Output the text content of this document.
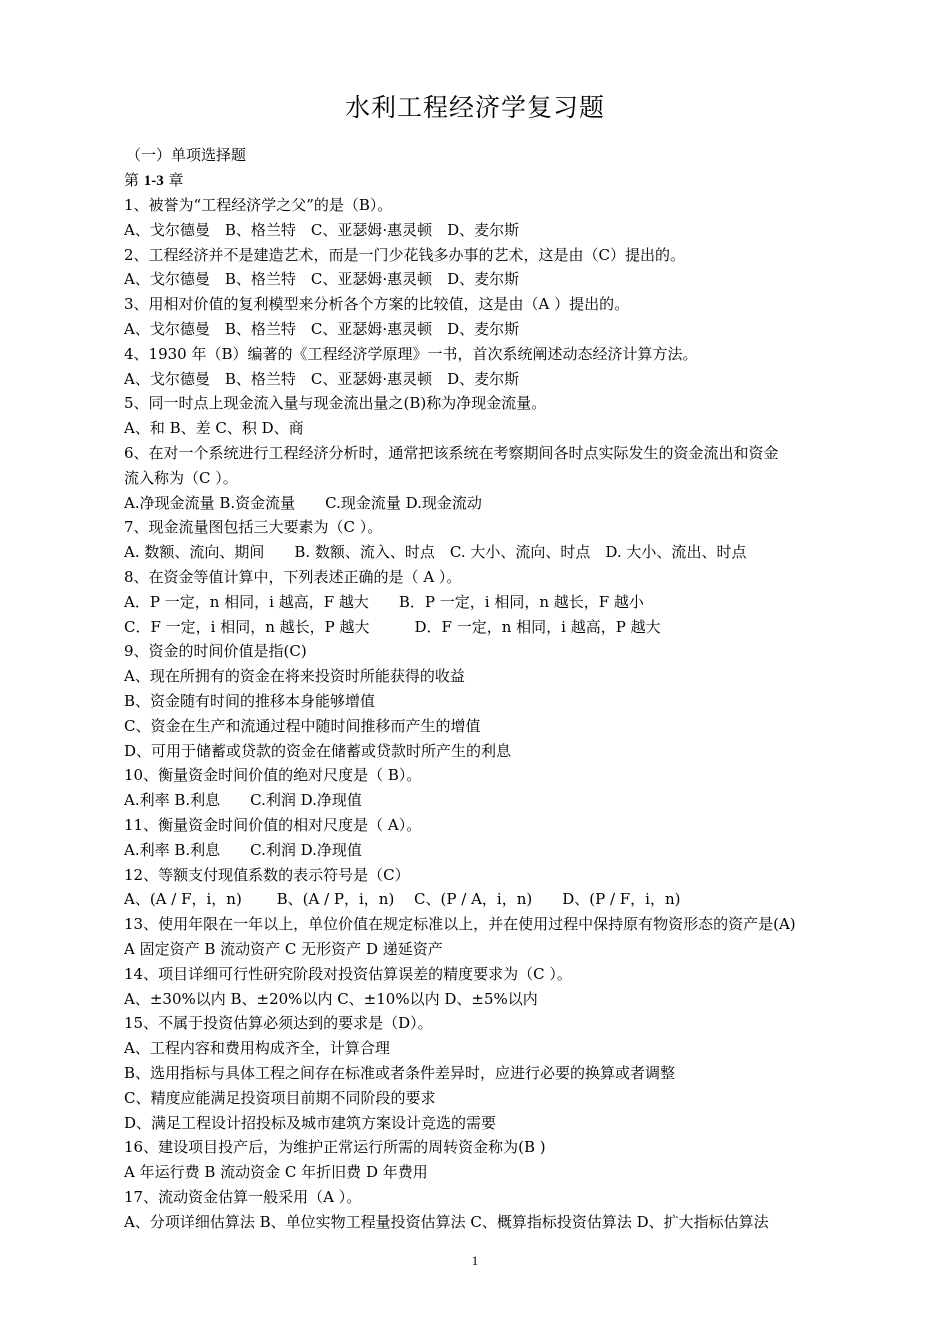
水利工程经济学复习题
（一）单项选择题
第 1-3 章
1、被誉为“工程经济学之父”的是（B）。
A、戈尔德曼　B、格兰特　C、亚瑟姆·惠灵顿　D、麦尔斯
2、工程经济并不是建造艺术，而是一门少花钱多办事的艺术，这是由（C）提出的。
A、戈尔德曼　B、格兰特　C、亚瑟姆·惠灵顿　D、麦尔斯
3、用相对价值的复利模型来分析各个方案的比较值，这是由（A ）提出的。
A、戈尔德曼　B、格兰特　C、亚瑟姆·惠灵顿　D、麦尔斯
4、1930 年（B）编著的《工程经济学原理》一书，首次系统阐述动态经济计算方法。
A、戈尔德曼　B、格兰特　C、亚瑟姆·惠灵顿　D、麦尔斯
5、同一时点上现金流入量与现金流出量之(B)称为净现金流量。
A、和 B、差 C、积 D、商
6、在对一个系统进行工程经济分析时，通常把该系统在考察期间各时点实际发生的资金流出和资金
流入称为（C ）。
A.净现金流量 B.资金流量　　C.现金流量 D.现金流动
7、现金流量图包括三大要素为（C ）。
A. 数额、流向、期间　　B. 数额、流入、时点　C. 大小、流向、时点　D. 大小、流出、时点
8、在资金等值计算中，下列表述正确的是（ A ）。
A．P 一定，n 相同，i 越高，F 越大　　B．P 一定，i 相同，n 越长，F 越小
C．F 一定，i 相同，n 越长，P 越大　　　D．F 一定，n 相同，i 越高，P 越大
9、资金的时间价值是指(C)
A、现在所拥有的资金在将来投资时所能获得的收益
B、资金随有时间的推移本身能够增值
C、资金在生产和流通过程中随时间推移而产生的增值
D、可用于储蓄或贷款的资金在储蓄或贷款时所产生的利息
10、衡量资金时间价值的绝对尺度是（ B）。
A.利率 B.利息　　C.利润 D.净现值
11、衡量资金时间价值的相对尺度是（ A）。
A.利率 B.利息　　C.利润 D.净现值
12、等额支付现值系数的表示符号是（C）
A、(A / F，i，n)　　 B、(A / P，i，n)　 C、(P / A，i，n)　　D、(P / F，i，n)
13、使用年限在一年以上，单位价值在规定标准以上，并在使用过程中保持原有物资形态的资产是(A)
A 固定资产 B 流动资产 C 无形资产 D 递延资产
14、项目详细可行性研究阶段对投资估算误差的精度要求为（C ）。
A、±30%以内 B、±20%以内 C、±10%以内 D、±5%以内
15、不属于投资估算必须达到的要求是（D）。
A、工程内容和费用构成齐全，计算合理
B、选用指标与具体工程之间存在标准或者条件差异时，应进行必要的换算或者调整
C、精度应能满足投资项目前期不同阶段的要求
D、满足工程设计招投标及城市建筑方案设计竞选的需要
16、建设项目投产后，为维护正常运行所需的周转资金称为(B )
A 年运行费 B 流动资金 C 年折旧费 D 年费用
17、流动资金估算一般采用（A ）。
A、分项详细估算法 B、单位实物工程量投资估算法 C、概算指标投资估算法 D、扩大指标估算法
1
